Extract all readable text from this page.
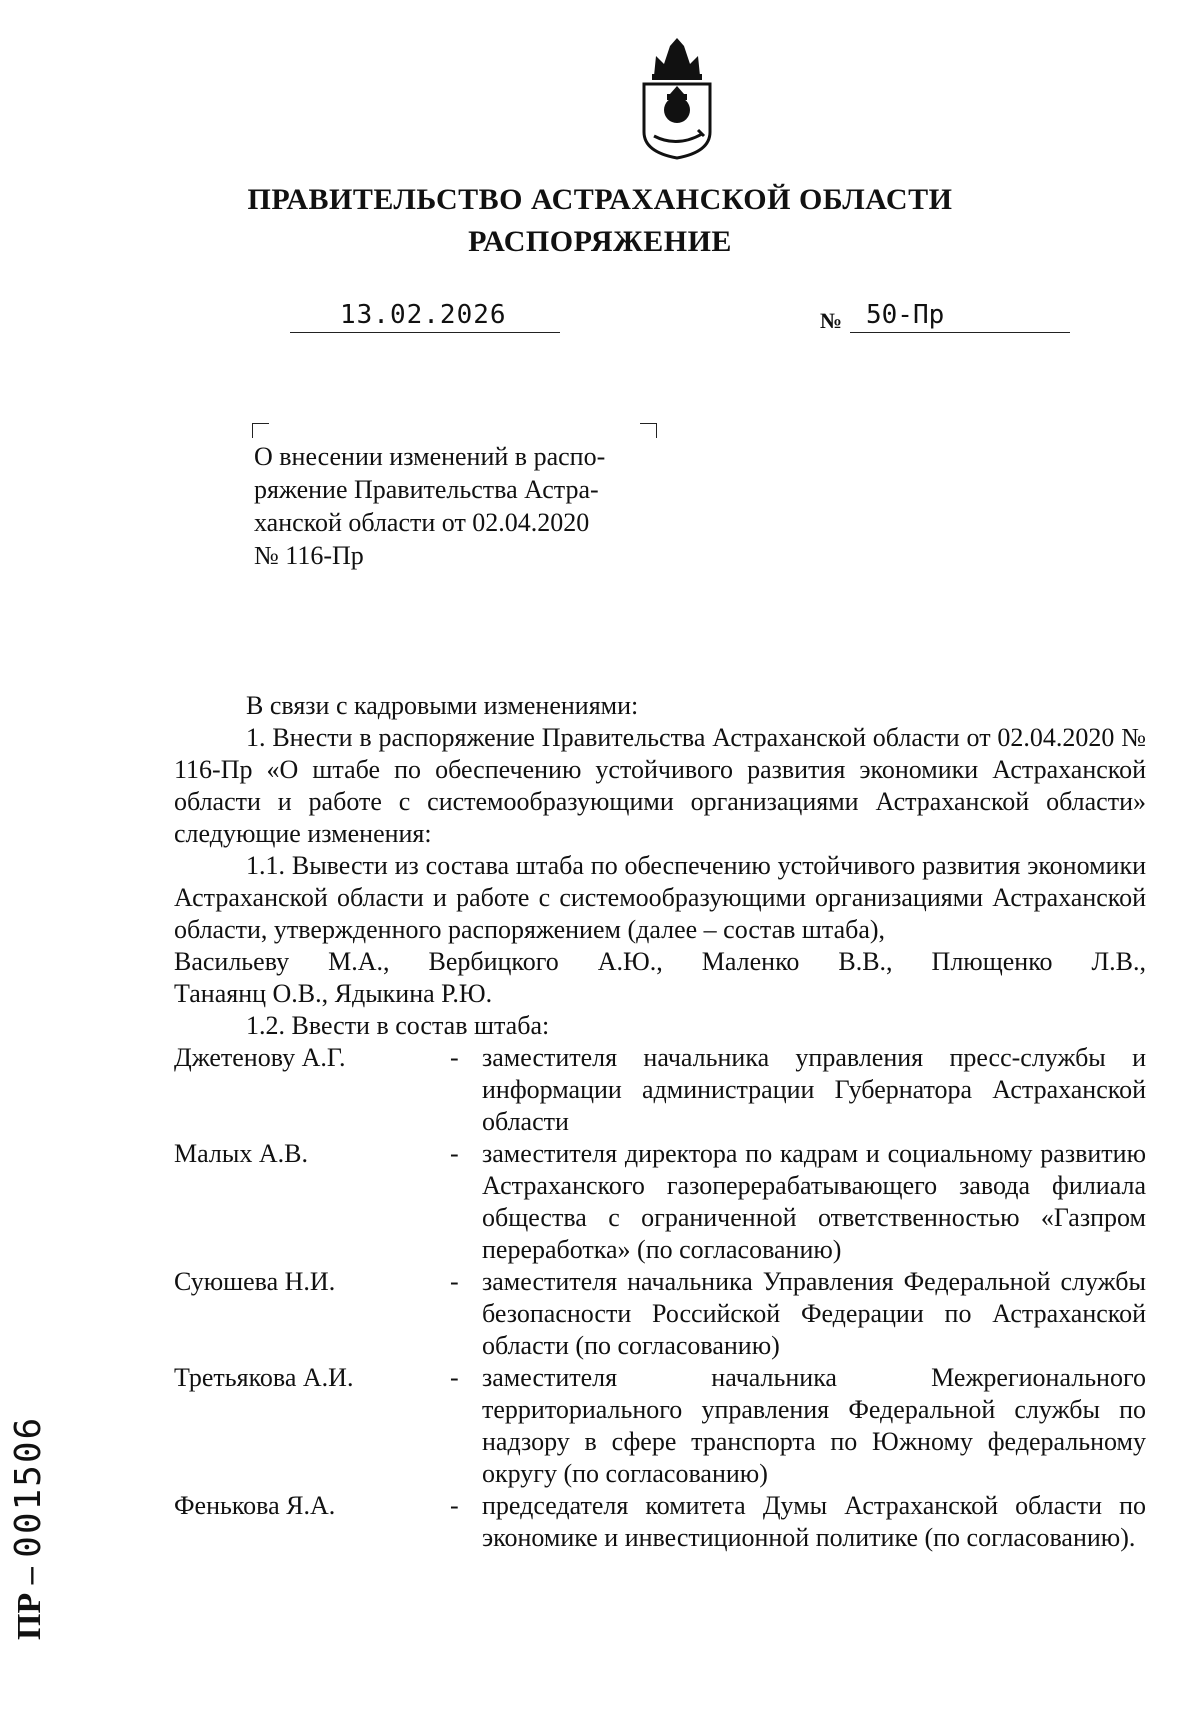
ПРАВИТЕЛЬСТВО АСТРАХАНСКОЙ ОБЛАСТИ
РАСПОРЯЖЕНИЕ
13.02.2026	№ 50-Пр
О внесении изменений в распо-
ряжение Правительства Астра-
ханской области от 02.04.2020
№ 116-Пр

В связи с кадровыми изменениями:

1. Внести в распоряжение Правительства Астраханской области от 02.04.2020 № 116-Пр «О штабе по обеспечению устойчивого развития экономики Астраханской области и работе с системообразующими организациями Астраханской области» следующие изменения:

1.1. Вывести из состава штаба по обеспечению устойчивого развития экономики Астраханской области и работе с системообразующими организациями Астраханской области, утвержденного распоряжением (далее – состав штаба),

Васильеву М.А., Вербицкого А.Ю., Маленко В.В., Плющенко Л.В.,

Танаянц О.В., Ядыкина Р.Ю.

1.2. Ввести в состав штаба:

Джетенову А.Г.	- заместителя начальника управления пресс-службы и информации администрации Губернатора Астраханской области
Малых А.В.	- заместителя директора по кадрам и социальному развитию Астраханского газоперерабатывающего завода филиала общества с ограниченной ответственностью «Газпром переработка» (по согласованию)
Суюшева Н.И.	- заместителя начальника Управления Федеральной службы безопасности Российской Федерации по Астраханской области (по согласованию)
Третьякова А.И.	- заместителя начальника Межрегионального территориального управления Федеральной службы по надзору в сфере транспорта по Южному федеральному округу (по согласованию)
Фенькова Я.А.	- председателя комитета Думы Астраханской области по экономике и инвестиционной политике (по согласованию).
ПР – 001506
